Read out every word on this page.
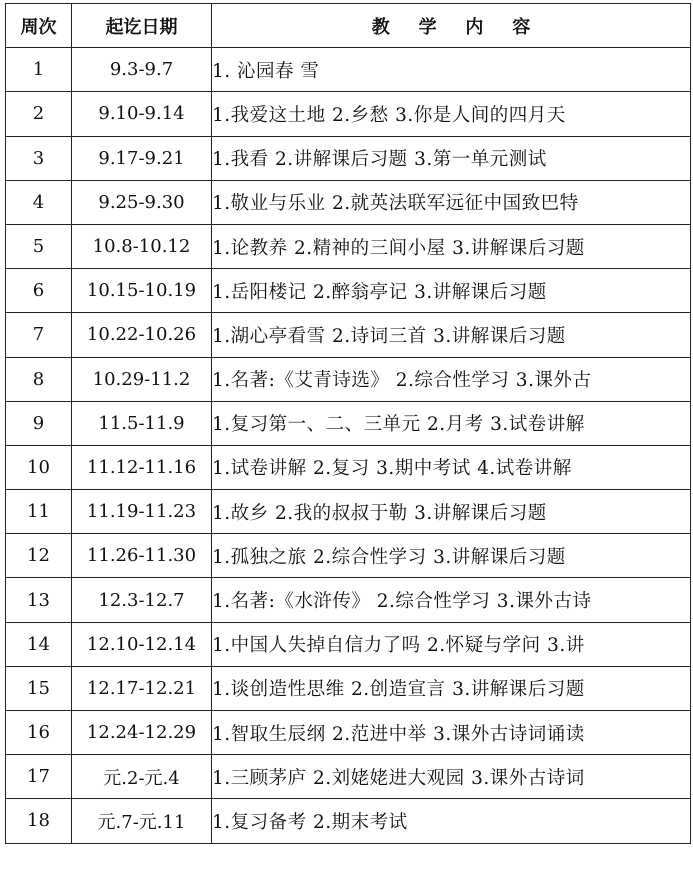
周次	起讫日期	教学内容
1	9.3-9.7	1. 沁园春 雪
2	9.10-9.14	1.我爱这土地 2.乡愁 3.你是人间的四月天
3	9.17-9.21	1.我看 2.讲解课后习题 3.第一单元测试
4	9.25-9.30	1.敬业与乐业 2.就英法联军远征中国致巴特
5	10.8-10.12	1.论教养 2.精神的三间小屋 3.讲解课后习题
6	10.15-10.19	1.岳阳楼记 2.醉翁亭记 3.讲解课后习题
7	10.22-10.26	1.湖心亭看雪 2.诗词三首 3.讲解课后习题
8	10.29-11.2	1.名著:《艾青诗选》 2.综合性学习 3.课外古
9	11.5-11.9	1.复习第一、二、三单元 2.月考 3.试卷讲解
10	11.12-11.16	1.试卷讲解 2.复习 3.期中考试 4.试卷讲解
11	11.19-11.23	1.故乡 2.我的叔叔于勒 3.讲解课后习题
12	11.26-11.30	1.孤独之旅 2.综合性学习 3.讲解课后习题
13	12.3-12.7	1.名著:《水浒传》 2.综合性学习 3.课外古诗
14	12.10-12.14	1.中国人失掉自信力了吗 2.怀疑与学问 3.讲
15	12.17-12.21	1.谈创造性思维 2.创造宣言 3.讲解课后习题
16	12.24-12.29	1.智取生辰纲 2.范进中举 3.课外古诗词诵读
17	元.2-元.4	1.三顾茅庐 2.刘姥姥进大观园 3.课外古诗词
18	元.7-元.11	1.复习备考 2.期末考试
